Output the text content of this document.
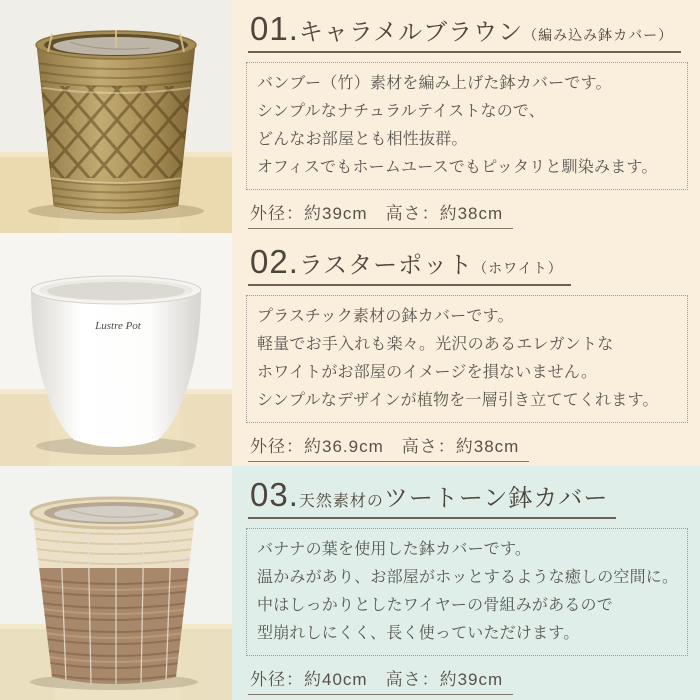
01.キャラメルブラウン（編み込み鉢カバー）
バンブー（竹）素材を編み上げた鉢カバーです。
シンプルなナチュラルテイストなので、
どんなお部屋とも相性抜群。
オフィスでもホームユースでもピッタリと馴染みます。
外径：約39cm　高さ：約38cm
Lustre Pot
02.ラスターポット（ホワイト）
プラスチック素材の鉢カバーです。
軽量でお手入れも楽々。光沢のあるエレガントな
ホワイトがお部屋のイメージを損ないません。
シンプルなデザインが植物を一層引き立ててくれます。
外径：約36.9cm　高さ：約38cm
03.天然素材のツートーン鉢カバー
バナナの葉を使用した鉢カバーです。
温かみがあり、お部屋がホッとするような癒しの空間に。
中はしっかりとしたワイヤーの骨組みがあるので
型崩れしにくく、長く使っていただけます。
外径：約40cm　高さ：約39cm
